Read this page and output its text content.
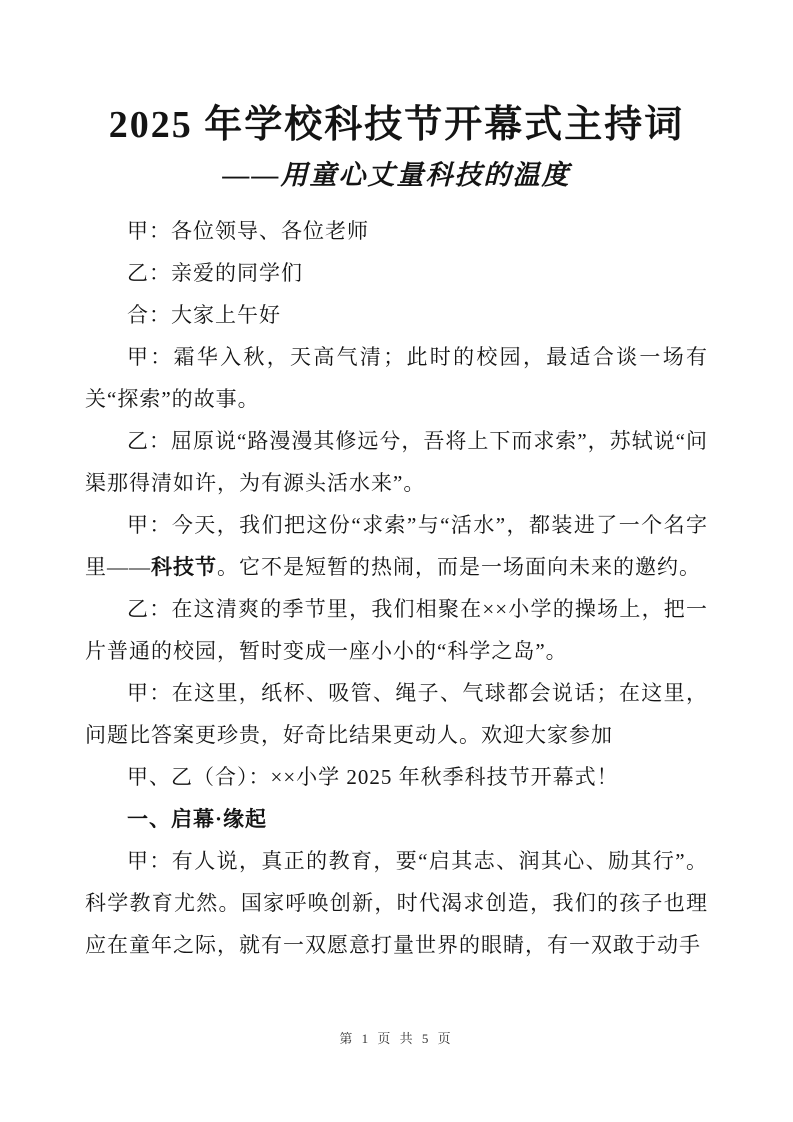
2025 年学校科技节开幕式主持词
——用童心丈量科技的温度

甲：各位领导、各位老师

乙：亲爱的同学们

合：大家上午好

甲：霜华入秋，天高气清；此时的校园，最适合谈一场有关“探索”的故事。

乙：屈原说“路漫漫其修远兮，吾将上下而求索”，苏轼说“问渠那得清如许，为有源头活水来”。

甲：今天，我们把这份“求索”与“活水”，都装进了一个名字里——科技节。它不是短暂的热闹，而是一场面向未来的邀约。

乙：在这清爽的季节里，我们相聚在××小学的操场上，把一片普通的校园，暂时变成一座小小的“科学之岛”。

甲：在这里，纸杯、吸管、绳子、气球都会说话；在这里，问题比答案更珍贵，好奇比结果更动人。欢迎大家参加

甲、乙（合）：××小学 2025 年秋季科技节开幕式！

一、启幕·缘起

甲：有人说，真正的教育，要“启其志、润其心、励其行”。科学教育尤然。国家呼唤创新，时代渴求创造，我们的孩子也理应在童年之际，就有一双愿意打量世界的眼睛，有一双敢于动手

第 1 页 共 5 页
